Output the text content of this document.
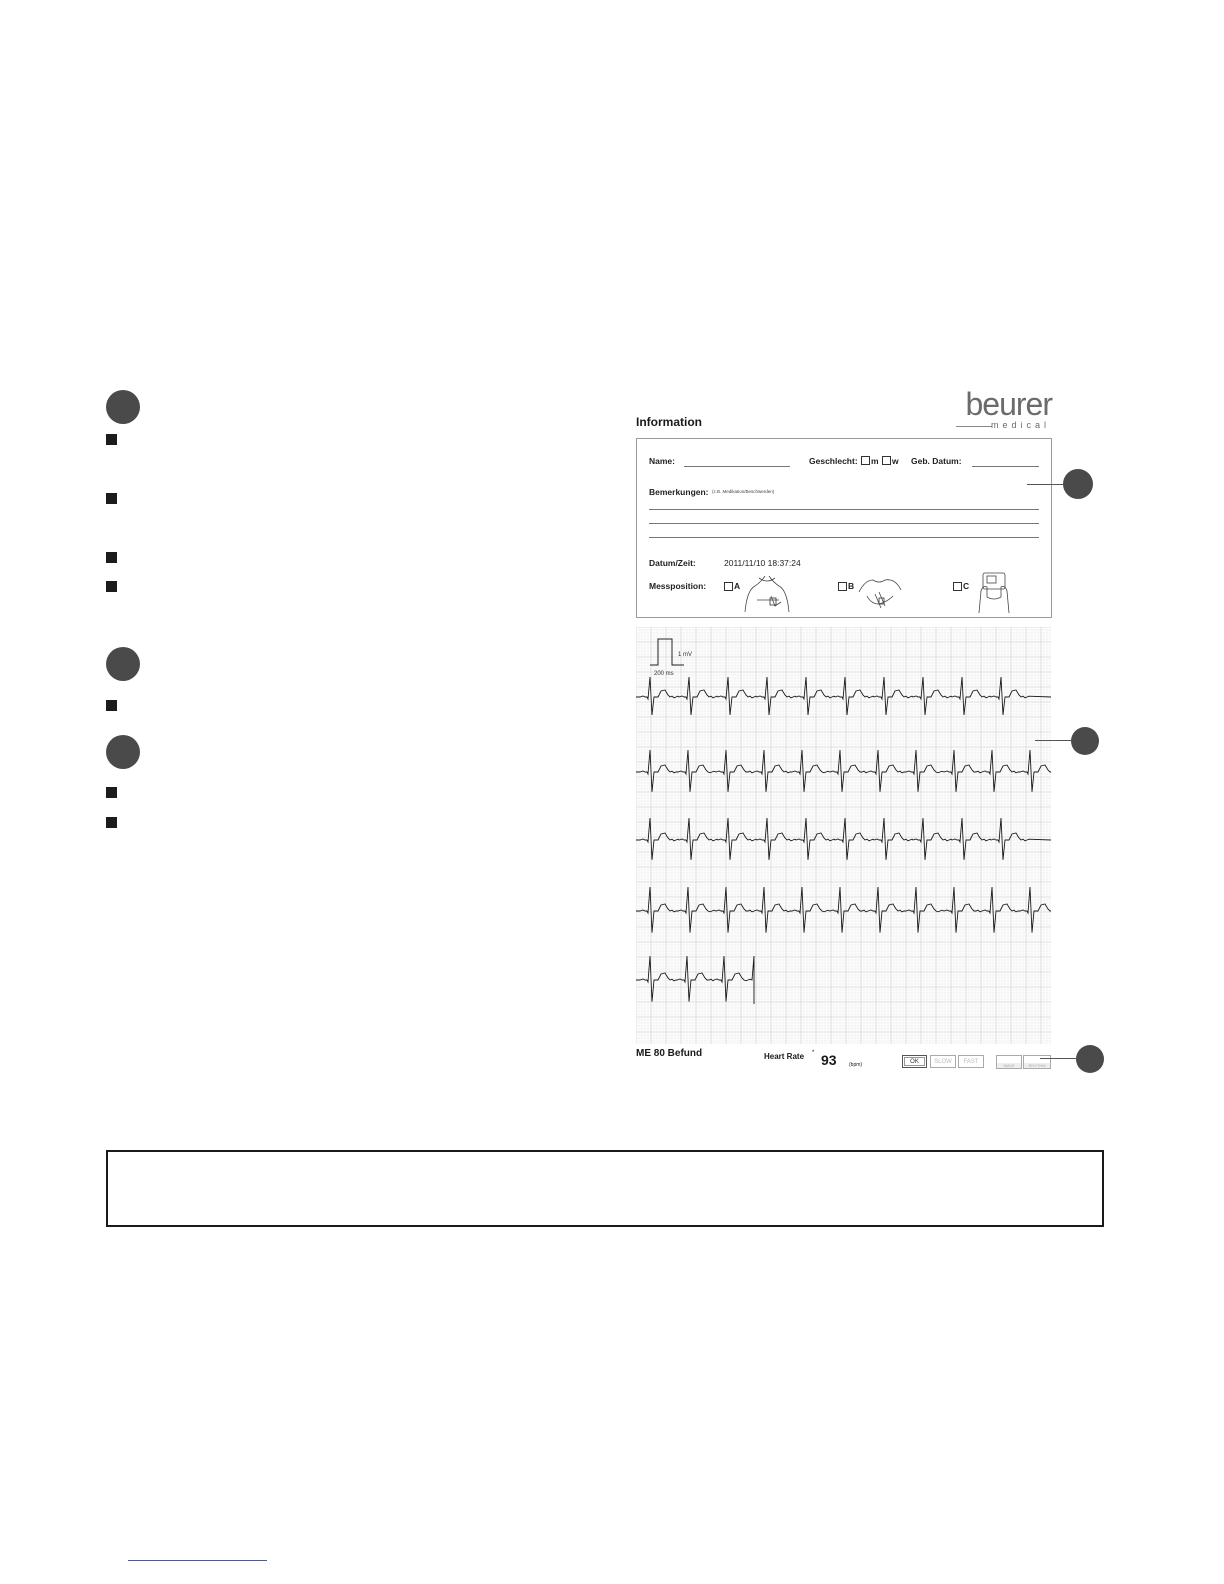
Information	beurer
medical
Name:	Geschlecht: m w Geb. Datum:
Bemerkungen: (z.B. Medikation/Beschwerden)
Datum/Zeit:	2011/11/10 18:37:24
Messposition:	A	B	C
1 mV
200 ms
ME 80 Befund	Heart Rate * 93 (bpm)	OK	SLOW	FAST
WAVE	RHYTHM
